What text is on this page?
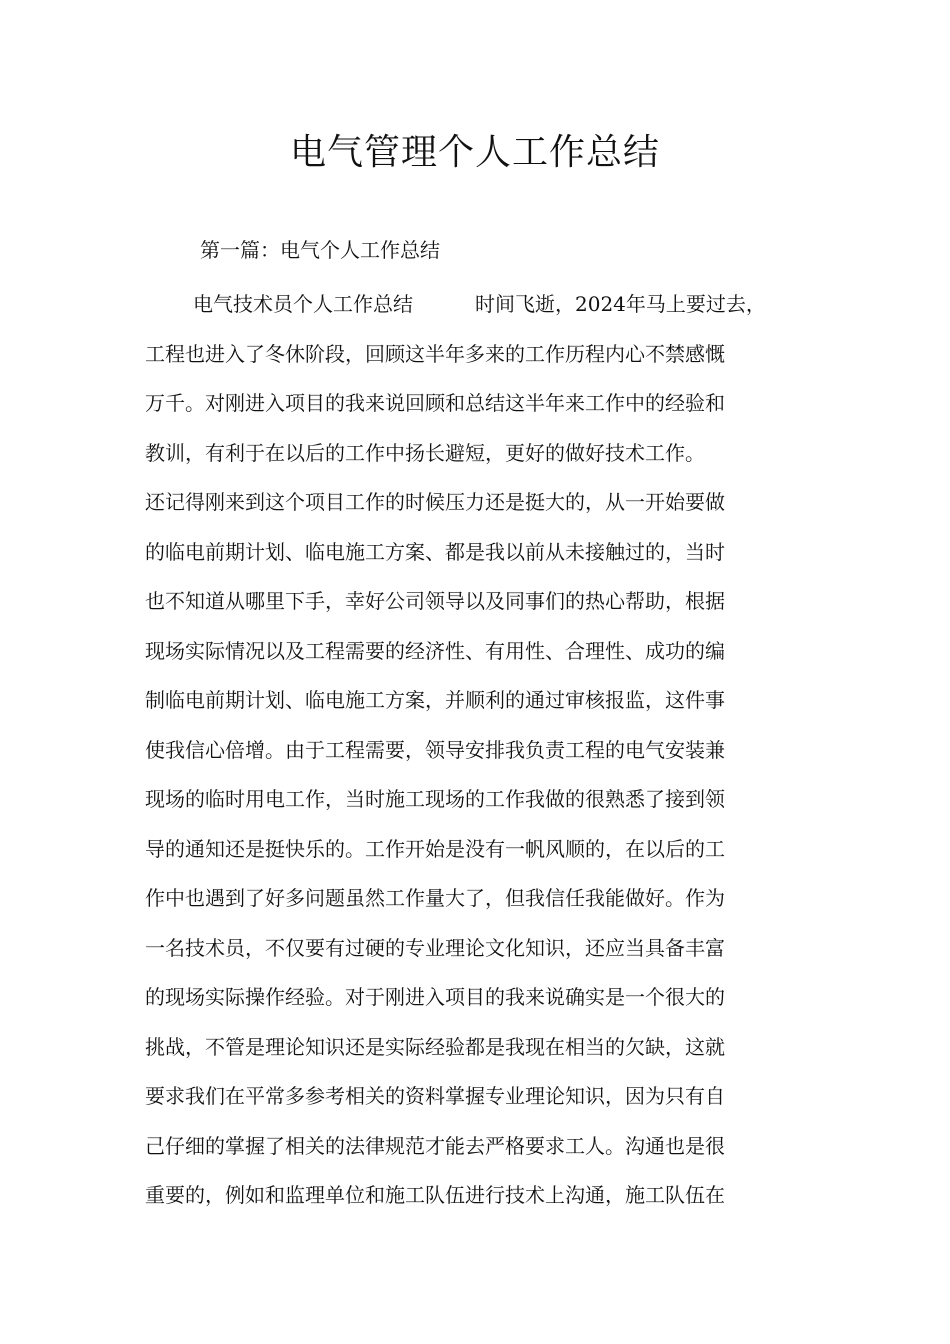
电气管理个人工作总结

第一篇：电气个人工作总结

电气技术员个人工作总结	时间飞逝，2024年马上要过去，
工程也进入了冬休阶段，回顾这半年多来的工作历程内心不禁感慨
万千。对刚进入项目的我来说回顾和总结这半年来工作中的经验和
教训，有利于在以后的工作中扬长避短，更好的做好技术工作。
还记得刚来到这个项目工作的时候压力还是挺大的，从一开始要做
的临电前期计划、临电施工方案、都是我以前从未接触过的，当时
也不知道从哪里下手，幸好公司领导以及同事们的热心帮助，根据
现场实际情况以及工程需要的经济性、有用性、合理性、成功的编
制临电前期计划、临电施工方案，并顺利的通过审核报监，这件事
使我信心倍增。由于工程需要，领导安排我负责工程的电气安装兼
现场的临时用电工作，当时施工现场的工作我做的很熟悉了接到领
导的通知还是挺快乐的。工作开始是没有一帆风顺的，在以后的工
作中也遇到了好多问题虽然工作量大了，但我信任我能做好。作为
一名技术员，不仅要有过硬的专业理论文化知识，还应当具备丰富
的现场实际操作经验。对于刚进入项目的我来说确实是一个很大的
挑战，不管是理论知识还是实际经验都是我现在相当的欠缺，这就
要求我们在平常多参考相关的资料掌握专业理论知识，因为只有自
己仔细的掌握了相关的法律规范才能去严格要求工人。沟通也是很
重要的，例如和监理单位和施工队伍进行技术上沟通，施工队伍在
